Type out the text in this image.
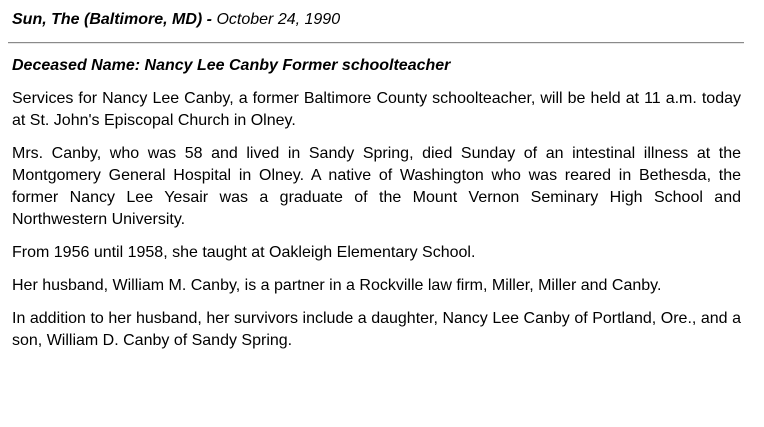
Sun, The (Baltimore, MD) - October 24, 1990
Deceased Name: Nancy Lee Canby Former schoolteacher

Services for Nancy Lee Canby, a former Baltimore County schoolteacher, will be held at 11 a.m. today at St. John's Episcopal Church in Olney.

Mrs. Canby, who was 58 and lived in Sandy Spring, died Sunday of an intestinal illness at the Montgomery General Hospital in Olney. A native of Washington who was reared in Bethesda, the former Nancy Lee Yesair was a graduate of the Mount Vernon Seminary High School and Northwestern University.

From 1956 until 1958, she taught at Oakleigh Elementary School.

Her husband, William M. Canby, is a partner in a Rockville law firm, Miller, Miller and Canby.

In addition to her husband, her survivors include a daughter, Nancy Lee Canby of Portland, Ore., and a son, William D. Canby of Sandy Spring.
